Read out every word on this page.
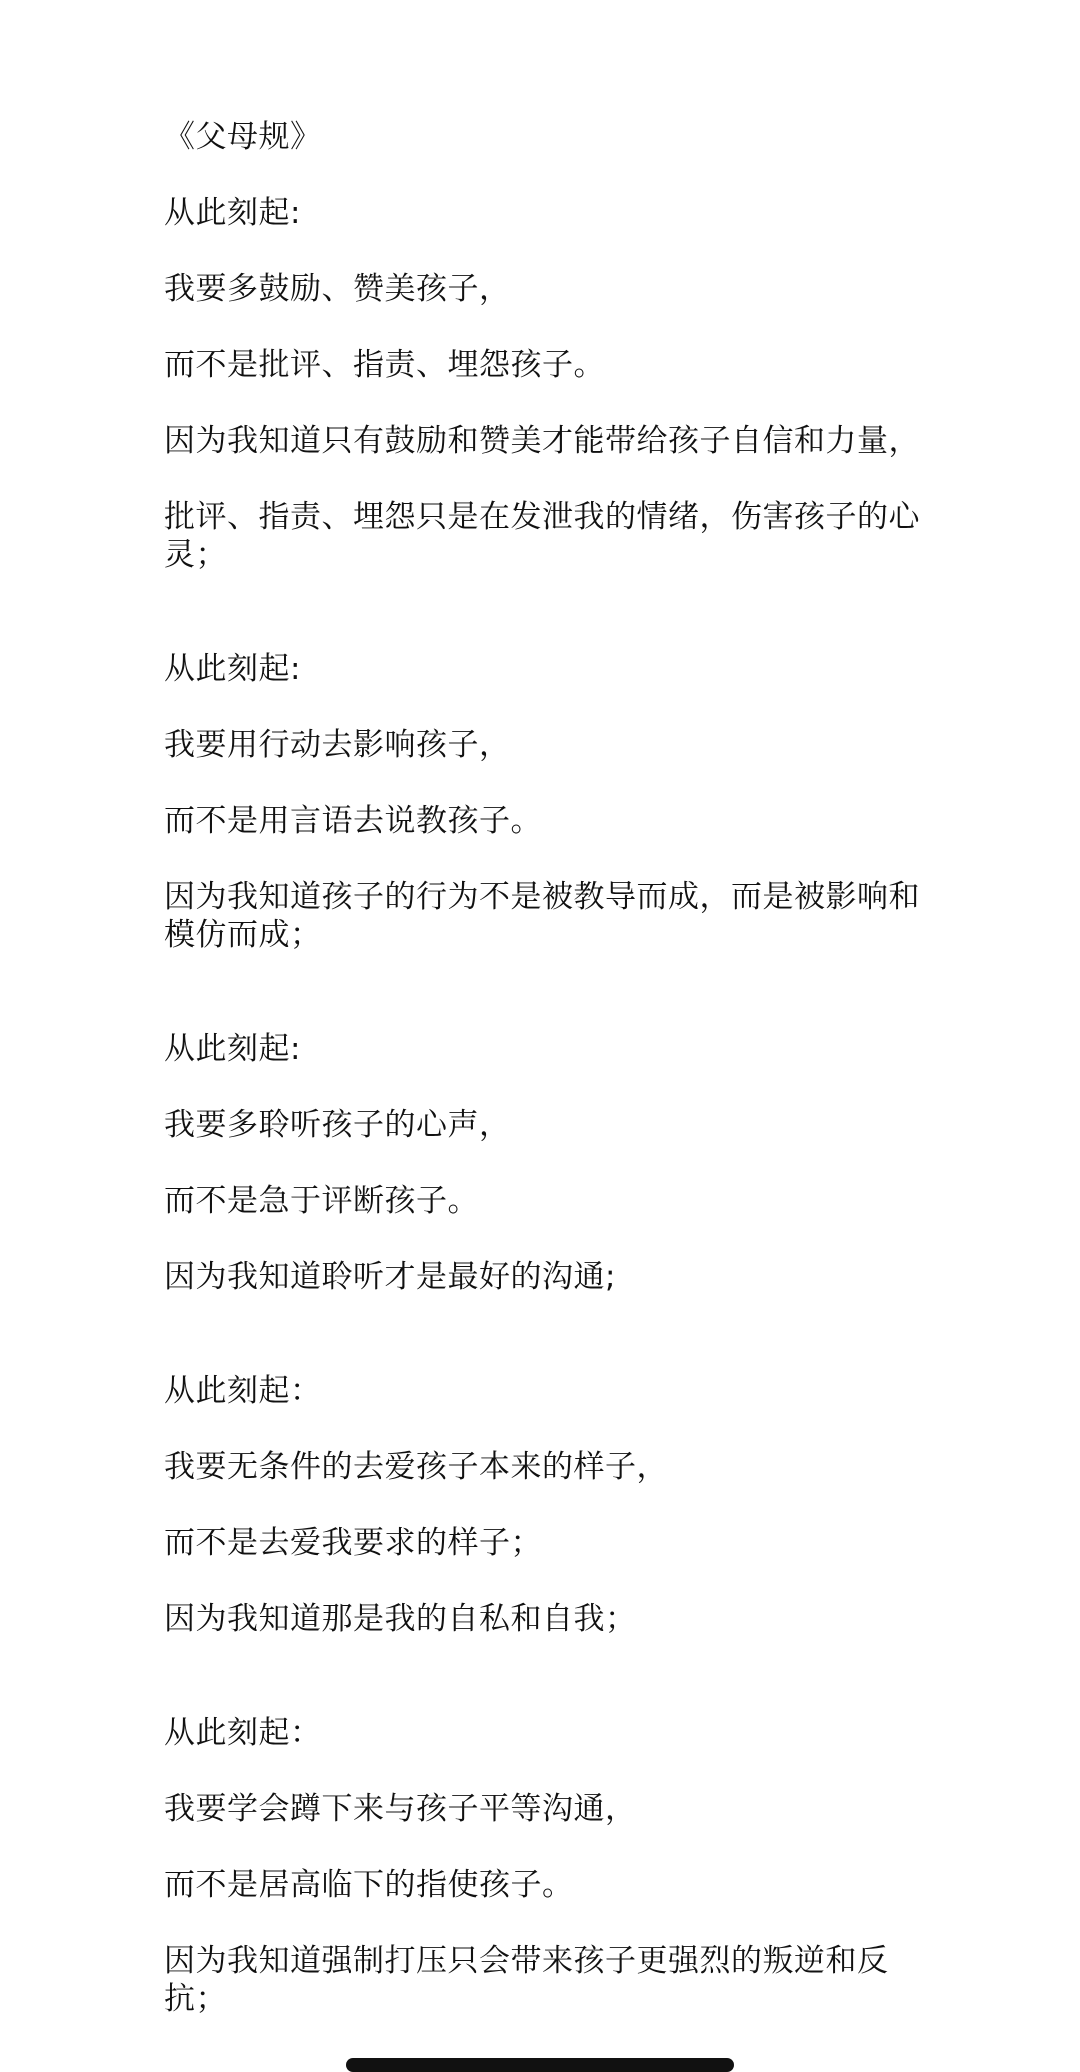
《父母规》

从此刻起:

我要多鼓励、赞美孩子，

而不是批评、指责、埋怨孩子。

因为我知道只有鼓励和赞美才能带给孩子自信和力量，

批评、指责、埋怨只是在发泄我的情绪，伤害孩子的心灵；

从此刻起:

我要用行动去影响孩子，

而不是用言语去说教孩子。

因为我知道孩子的行为不是被教导而成，而是被影响和模仿而成；

从此刻起:

我要多聆听孩子的心声，

而不是急于评断孩子。

因为我知道聆听才是最好的沟通;

从此刻起：

我要无条件的去爱孩子本来的样子，

而不是去爱我要求的样子；

因为我知道那是我的自私和自我；

从此刻起：

我要学会蹲下来与孩子平等沟通，

而不是居高临下的指使孩子。

因为我知道强制打压只会带来孩子更强烈的叛逆和反抗；
